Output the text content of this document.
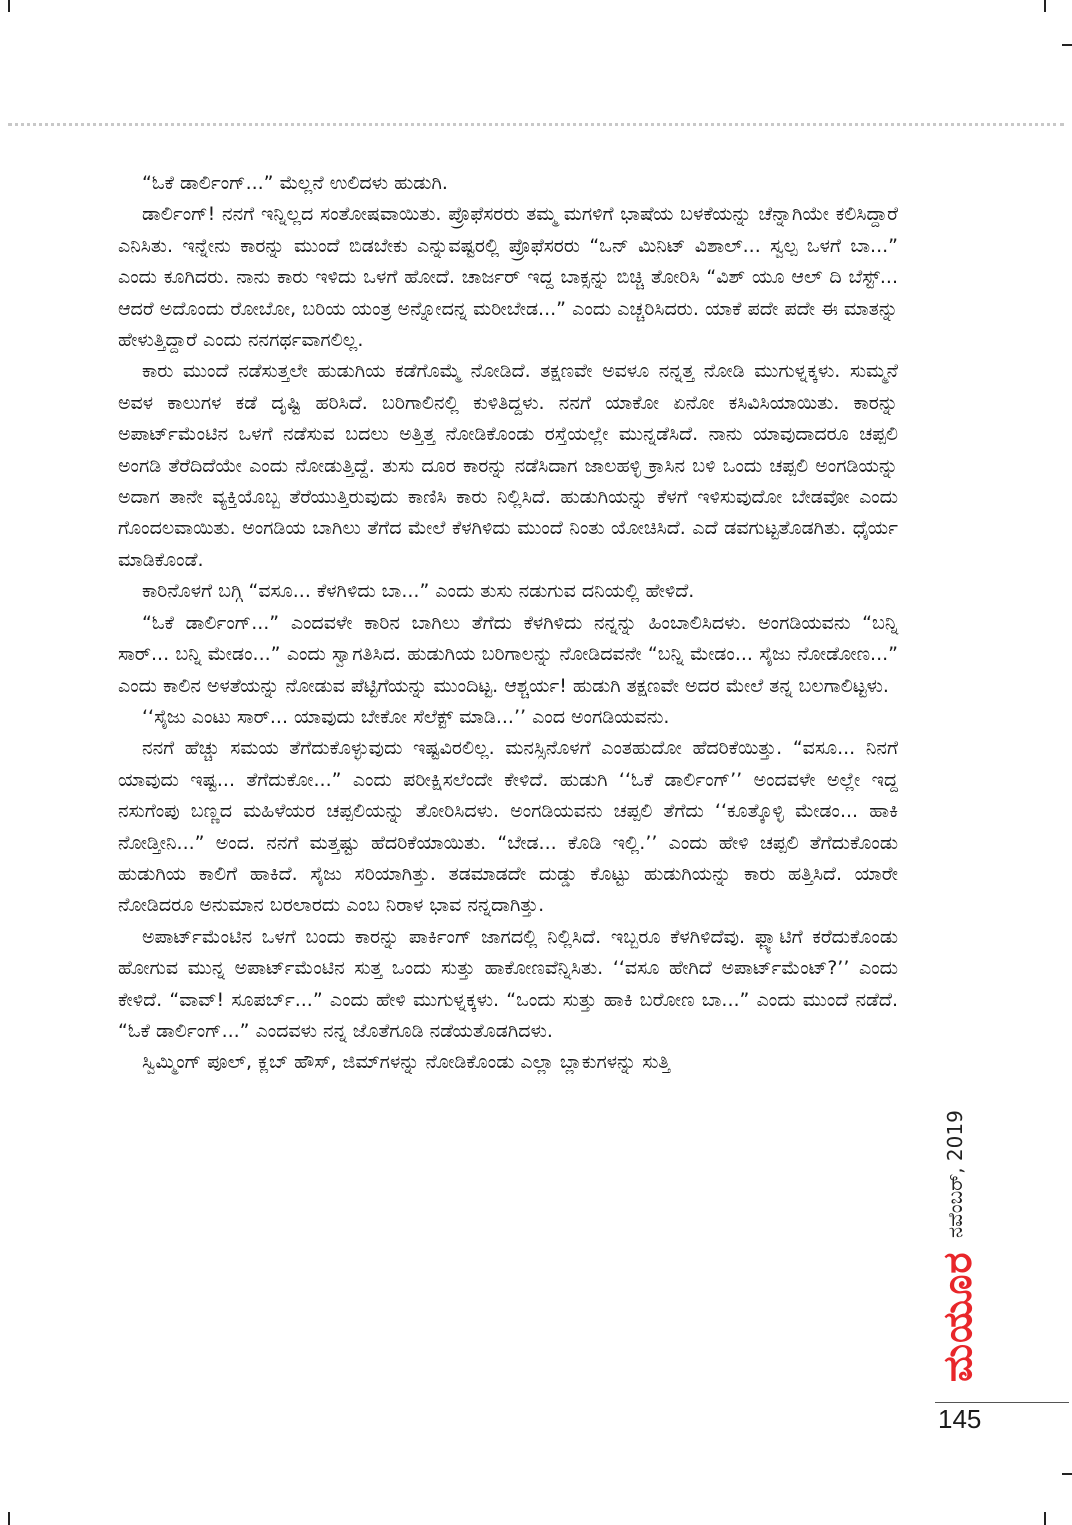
“ಓಕೆ ಡಾರ್ಲಿಂಗ್...” ಮೆಲ್ಲನೆ ಉಲಿದಳು ಹುಡುಗಿ.

ಡಾರ್ಲಿಂಗ್! ನನಗೆ ಇನ್ನಿಲ್ಲದ ಸಂತೋಷವಾಯಿತು. ಪ್ರೊಫೆಸರರು ತಮ್ಮ ಮಗಳಿಗೆ ಭಾಷೆಯ ಬಳಕೆಯನ್ನು ಚೆನ್ನಾಗಿಯೇ ಕಲಿಸಿದ್ದಾರೆ ಎನಿಸಿತು. ಇನ್ನೇನು ಕಾರನ್ನು ಮುಂದೆ ಬಿಡಬೇಕು ಎನ್ನುವಷ್ಟರಲ್ಲಿ ಪ್ರೊಫೆಸರರು “ಒನ್ ಮಿನಿಟ್ ವಿಶಾಲ್... ಸ್ವಲ್ಪ ಒಳಗೆ ಬಾ...” ಎಂದು ಕೂಗಿದರು. ನಾನು ಕಾರು ಇಳಿದು ಒಳಗೆ ಹೋದೆ. ಚಾರ್ಜರ್ ಇದ್ದ ಬಾಕ್ಸನ್ನು ಬಿಚ್ಚಿ ತೋರಿಸಿ “ವಿಶ್ ಯೂ ಆಲ್ ದಿ ಬೆಸ್ಟ್... ಆದರೆ ಅದೊಂದು ರೋಬೋ, ಬರಿಯ ಯಂತ್ರ ಅನ್ನೋದನ್ನ ಮರೀಬೇಡ...” ಎಂದು ಎಚ್ಚರಿಸಿದರು. ಯಾಕೆ ಪದೇ ಪದೇ ಈ ಮಾತನ್ನು ಹೇಳುತ್ತಿದ್ದಾರೆ ಎಂದು ನನಗರ್ಥವಾಗಲಿಲ್ಲ.

ಕಾರು ಮುಂದೆ ನಡೆಸುತ್ತಲೇ ಹುಡುಗಿಯ ಕಡೆಗೊಮ್ಮೆ ನೋಡಿದೆ. ತಕ್ಷಣವೇ ಅವಳೂ ನನ್ನತ್ತ ನೋಡಿ ಮುಗುಳ್ನಕ್ಕಳು. ಸುಮ್ಮನೆ ಅವಳ ಕಾಲುಗಳ ಕಡೆ ದೃಷ್ಟಿ ಹರಿಸಿದೆ. ಬರಿಗಾಲಿನಲ್ಲಿ ಕುಳಿತಿದ್ದಳು. ನನಗೆ ಯಾಕೋ ಏನೋ ಕಸಿವಿಸಿಯಾಯಿತು. ಕಾರನ್ನು ಅಪಾರ್ಟ್‌ಮೆಂಟಿನ ಒಳಗೆ ನಡೆಸುವ ಬದಲು ಅತ್ತಿತ್ತ ನೋಡಿಕೊಂಡು ರಸ್ತೆಯಲ್ಲೇ ಮುನ್ನಡೆಸಿದೆ. ನಾನು ಯಾವುದಾದರೂ ಚಪ್ಪಲಿ ಅಂಗಡಿ ತೆರೆದಿದೆಯೇ ಎಂದು ನೋಡುತ್ತಿದ್ದೆ. ತುಸು ದೂರ ಕಾರನ್ನು ನಡೆಸಿದಾಗ ಜಾಲಹಳ್ಳಿ ಕ್ರಾಸಿನ ಬಳಿ ಒಂದು ಚಪ್ಪಲಿ ಅಂಗಡಿಯನ್ನು ಅದಾಗ ತಾನೇ ವ್ಯಕ್ತಿಯೊಬ್ಬ ತೆರೆಯುತ್ತಿರುವುದು ಕಾಣಿಸಿ ಕಾರು ನಿಲ್ಲಿಸಿದೆ. ಹುಡುಗಿಯನ್ನು ಕೆಳಗೆ ಇಳಿಸುವುದೋ ಬೇಡವೋ ಎಂದು ಗೊಂದಲವಾಯಿತು. ಅಂಗಡಿಯ ಬಾಗಿಲು ತೆಗೆದ ಮೇಲೆ ಕೆಳಗಿಳಿದು ಮುಂದೆ ನಿಂತು ಯೋಚಿಸಿದೆ. ಎದೆ ಡವಗುಟ್ಟತೊಡಗಿತು. ಧೈರ್ಯ ಮಾಡಿಕೊಂಡೆ.

ಕಾರಿನೊಳಗೆ ಬಗ್ಗಿ “ವಸೂ... ಕೆಳಗಿಳಿದು ಬಾ...” ಎಂದು ತುಸು ನಡುಗುವ ದನಿಯಲ್ಲಿ ಹೇಳಿದೆ.

“ಓಕೆ ಡಾರ್ಲಿಂಗ್...” ಎಂದವಳೇ ಕಾರಿನ ಬಾಗಿಲು ತೆಗೆದು ಕೆಳಗಿಳಿದು ನನ್ನನ್ನು ಹಿಂಬಾಲಿಸಿದಳು. ಅಂಗಡಿಯವನು “ಬನ್ನಿ ಸಾರ್... ಬನ್ನಿ ಮೇಡಂ...” ಎಂದು ಸ್ವಾಗತಿಸಿದ. ಹುಡುಗಿಯ ಬರಿಗಾಲನ್ನು ನೋಡಿದವನೇ “ಬನ್ನಿ ಮೇಡಂ... ಸೈಜು ನೋಡೋಣ...” ಎಂದು ಕಾಲಿನ ಅಳತೆಯನ್ನು ನೋಡುವ ಪೆಟ್ಟಿಗೆಯನ್ನು ಮುಂದಿಟ್ಟ. ಆಶ್ಚರ್ಯ! ಹುಡುಗಿ ತಕ್ಷಣವೇ ಅದರ ಮೇಲೆ ತನ್ನ ಬಲಗಾಲಿಟ್ಟಳು.

‘‘ಸೈಜು ಎಂಟು ಸಾರ್... ಯಾವುದು ಬೇಕೋ ಸೆಲೆಕ್ಟ್ ಮಾಡಿ...’’ ಎಂದ ಅಂಗಡಿಯವನು.

ನನಗೆ ಹೆಚ್ಚು ಸಮಯ ತೆಗೆದುಕೊಳ್ಳುವುದು ಇಷ್ಟವಿರಲಿಲ್ಲ. ಮನಸ್ಸಿನೊಳಗೆ ಎಂತಹುದೋ ಹೆದರಿಕೆಯಿತ್ತು. “ವಸೂ... ನಿನಗೆ ಯಾವುದು ಇಷ್ಟ... ತೆಗೆದುಕೋ...” ಎಂದು ಪರೀಕ್ಷಿಸಲೆಂದೇ ಕೇಳಿದೆ. ಹುಡುಗಿ ‘‘ಓಕೆ ಡಾರ್ಲಿಂಗ್’’ ಅಂದವಳೇ ಅಲ್ಲೇ ಇದ್ದ ನಸುಗೆಂಪು ಬಣ್ಣದ ಮಹಿಳೆಯರ ಚಪ್ಪಲಿಯನ್ನು ತೋರಿಸಿದಳು. ಅಂಗಡಿಯವನು ಚಪ್ಪಲಿ ತೆಗೆದು ‘‘ಕೂತ್ಕೊಳ್ಳಿ ಮೇಡಂ... ಹಾಕಿ ನೋಡ್ತೀನಿ...” ಅಂದ. ನನಗೆ ಮತ್ತಷ್ಟು ಹೆದರಿಕೆಯಾಯಿತು. “ಬೇಡ... ಕೊಡಿ ಇಲ್ಲಿ.’’ ಎಂದು ಹೇಳಿ ಚಪ್ಪಲಿ ತೆಗೆದುಕೊಂಡು ಹುಡುಗಿಯ ಕಾಲಿಗೆ ಹಾಕಿದೆ. ಸೈಜು ಸರಿಯಾಗಿತ್ತು. ತಡಮಾಡದೇ ದುಡ್ಡು ಕೊಟ್ಟು ಹುಡುಗಿಯನ್ನು ಕಾರು ಹತ್ತಿಸಿದೆ. ಯಾರೇ ನೋಡಿದರೂ ಅನುಮಾನ ಬರಲಾರದು ಎಂಬ ನಿರಾಳ ಭಾವ ನನ್ನದಾಗಿತ್ತು.

ಅಪಾರ್ಟ್‌ಮೆಂಟಿನ ಒಳಗೆ ಬಂದು ಕಾರನ್ನು ಪಾರ್ಕಿಂಗ್ ಜಾಗದಲ್ಲಿ ನಿಲ್ಲಿಸಿದೆ. ಇಬ್ಬರೂ ಕೆಳಗಿಳಿದೆವು. ಫ್ಲ್ಯಾಟಿಗೆ ಕರೆದುಕೊಂಡು ಹೋಗುವ ಮುನ್ನ ಅಪಾರ್ಟ್‌ಮೆಂಟಿನ ಸುತ್ತ ಒಂದು ಸುತ್ತು ಹಾಕೋಣವೆನ್ನಿಸಿತು. ‘‘ವಸೂ ಹೇಗಿದೆ ಅಪಾರ್ಟ್‌ಮೆಂಟ್?’’ ಎಂದು ಕೇಳಿದೆ. “ವಾವ್! ಸೂಪರ್ಬ್...” ಎಂದು ಹೇಳಿ ಮುಗುಳ್ನಕ್ಕಳು. “ಒಂದು ಸುತ್ತು ಹಾಕಿ ಬರೋಣ ಬಾ...” ಎಂದು ಮುಂದೆ ನಡೆದೆ. “ಓಕೆ ಡಾರ್ಲಿಂಗ್...” ಎಂದವಳು ನನ್ನ ಜೊತೆಗೂಡಿ ನಡೆಯತೊಡಗಿದಳು.

ಸ್ವಿಮ್ಮಿಂಗ್ ಪೂಲ್, ಕ್ಲಬ್ ಹೌಸ್, ಜಿಮ್‌ಗಳನ್ನು ನೋಡಿಕೊಂಡು ಎಲ್ಲಾ ಬ್ಲಾಕುಗಳನ್ನು ಸುತ್ತಿ

ನವೆಂಬರ್, 2019
ಮಯೂರ
145
